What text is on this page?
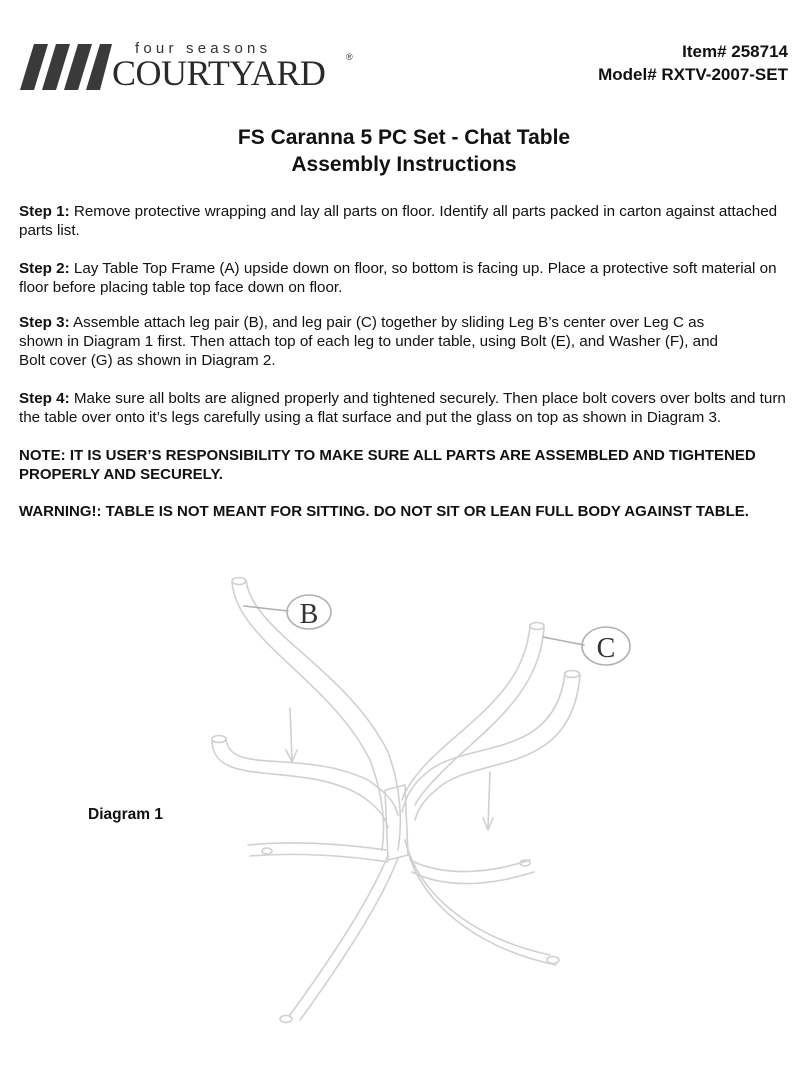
four seasons
COURTYARD ®	Item# 258714
Model# RXTV-2007-SET
FS Caranna 5 PC Set - Chat Table
Assembly Instructions

Step 1: Remove protective wrapping and lay all parts on floor. Identify all parts packed in carton against attached parts list.

Step 2: Lay Table Top Frame (A) upside down on floor, so bottom is facing up. Place a protective soft material on floor before placing table top face down on floor.

Step 3: Assemble attach leg pair (B), and leg pair (C) together by sliding Leg B’s center over Leg C as shown in Diagram 1 first. Then attach top of each leg to under table, using Bolt (E), and Washer (F), and Bolt cover (G) as shown in Diagram 2.

Step 4: Make sure all bolts are aligned properly and tightened securely. Then place bolt covers over bolts and turn the table over onto it’s legs carefully using a flat surface and put the glass on top as shown in Diagram 3.

NOTE: IT IS USER’S RESPONSIBILITY TO MAKE SURE ALL PARTS ARE ASSEMBLED AND TIGHTENED PROPERLY AND SECURELY.

WARNING!: TABLE IS NOT MEANT FOR SITTING. DO NOT SIT OR LEAN FULL BODY AGAINST TABLE.

Diagram 1
B
C
